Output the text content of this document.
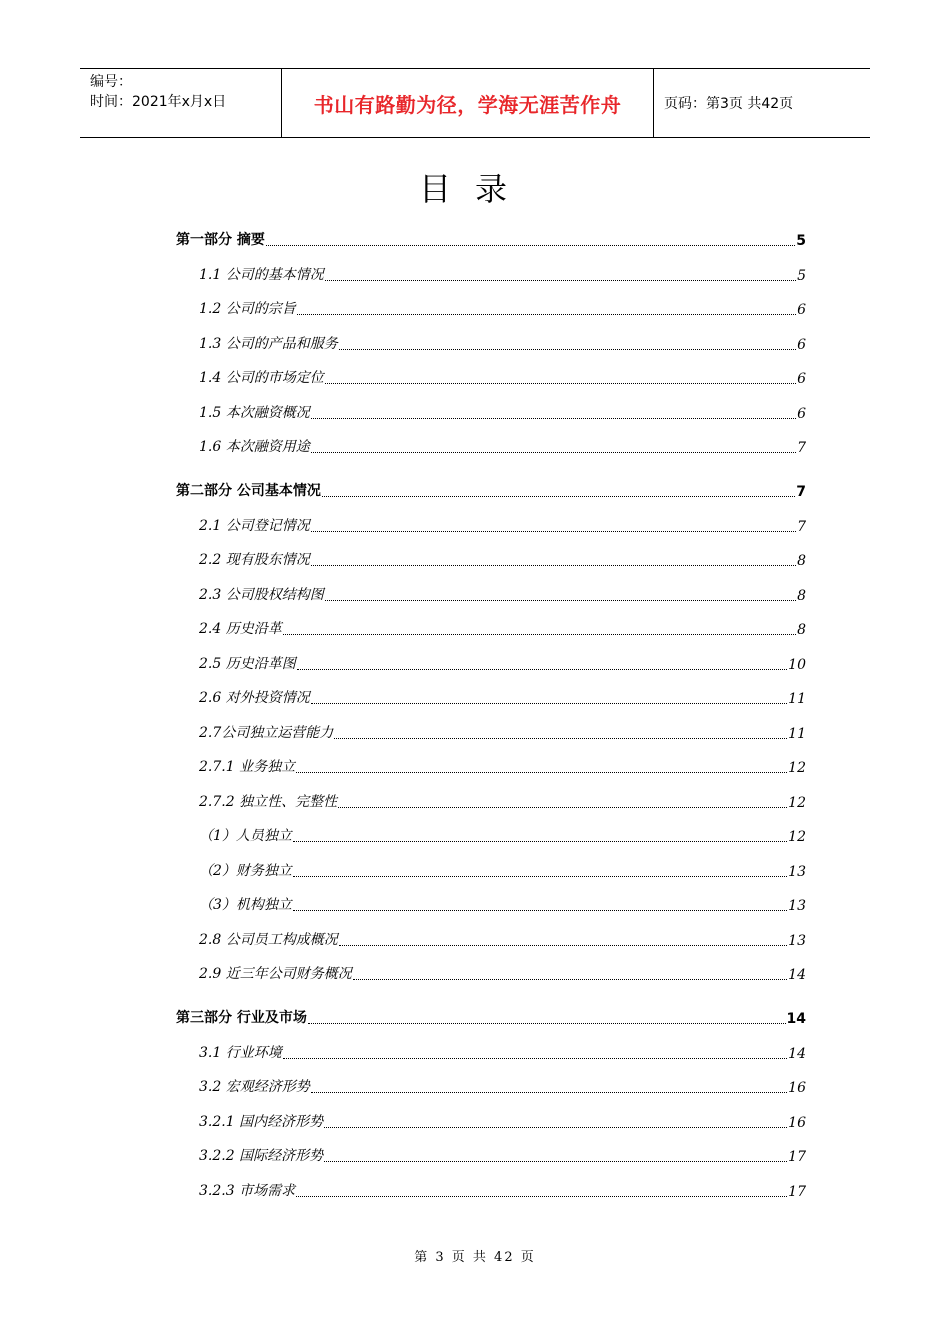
编号：
时间：2021年x月x日	书山有路勤为径，学海无涯苦作舟	页码：第3页 共42页
目录
第一部分 摘要	5
1.1 公司的基本情况	5
1.2 公司的宗旨	6
1.3 公司的产品和服务	6
1.4 公司的市场定位	6
1.5 本次融资概况	6
1.6 本次融资用途	7
第二部分 公司基本情况	7
2.1 公司登记情况	7
2.2 现有股东情况	8
2.3 公司股权结构图	8
2.4 历史沿革	8
2.5 历史沿革图	10
2.6 对外投资情况	11
2.7公司独立运营能力	11
2.7.1 业务独立	12
2.7.2 独立性、完整性	12
（1）人员独立	12
（2）财务独立	13
（3）机构独立	13
2.8 公司员工构成概况	13
2.9 近三年公司财务概况	14
第三部分 行业及市场	14
3.1 行业环境	14
3.2 宏观经济形势	16
3.2.1 国内经济形势	16
3.2.2 国际经济形势	17
3.2.3 市场需求	17
第 3 页 共 42 页
